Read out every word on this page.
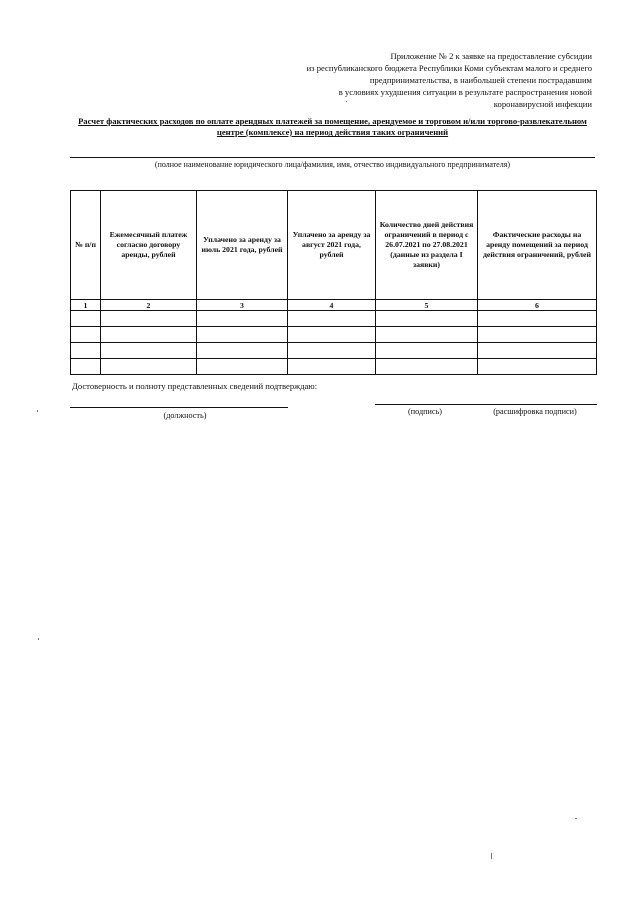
Приложение № 2 к заявке на предоставление субсидии
из республиканского бюджета Республики Коми субъектам малого и среднего
предпринимательства, в наибольшей степени пострадавшим
в условиях ухудшения ситуации в результате распространения новой
коронавирусной инфекции
Расчет фактических расходов по оплате арендных платежей за помещение, арендуемое и торговом и/или торгово-развлекательном
центре (комплексе) на период действия таких ограничений
(полное наименование юридического лица/фамилия, имя, отчество индивидуального предпринимателя)
№ п/п	Ежемесячный платеж согласно договору аренды, рублей	Уплачено за аренду за июль 2021 года, рублей	Уплачено за аренду за август 2021 года, рублей	Количество дней действия ограничений в период с 26.07.2021 по 27.08.2021 (данные из раздела I заявки)	Фактические расходы на аренду помещений за период действия ограничений, рублей
1	2	3	4	5	6

Достоверность и полноту представленных сведений подтверждаю:
(должность)	(подпись)	(расшифровка подписи)
